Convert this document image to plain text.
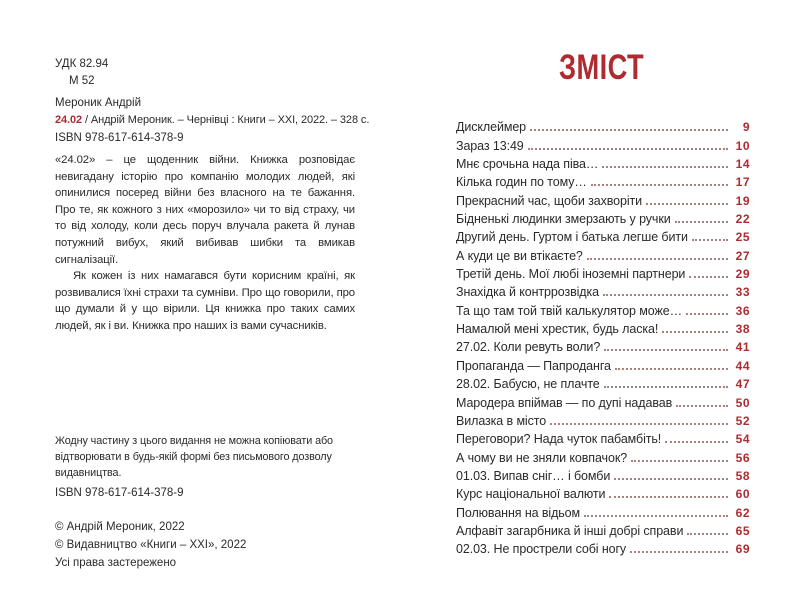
УДК 82.94
М 52
Мероник Андрій
24.02 / Андрій Мероник. – Чернівці : Книги – XXI, 2022. – 328 с.
ISBN 978-617-614-378-9

«24.02» – це щоденник війни. Книжка розповідає невигадану історію про компанію молодих людей, які опинилися посеред війни без власного на те бажання. Про те, як кожного з них «морозило» чи то від страху, чи то від холоду, коли десь поруч влучала ракета й лунав потужний вибух, який вибивав шибки та вмикав сигналізації.

Як кожен із них намагався бути корисним країні, як розвивалися їхні страхи та сумніви. Про що говорили, про що думали й у що вірили. Ця книжка про таких самих людей, як і ви. Книжка про наших із вами сучасників.

Жодну частину з цього видання не можна копіювати або відтворювати в будь-якій формі без письмового дозволу видавництва.
ISBN 978-617-614-378-9
© Андрій Мероник, 2022
© Видавництво «Книги – XXI», 2022
Усі права застережено
ЗМІСТ
Дисклеймер	9
Зараз 13:49	10
Мнє срочьна нада піва…	14
Кілька годин по тому…	17
Прекрасний час, щоби захворіти	19
Бідненькі людинки змерзають у ручки	22
Другий день. Гуртом і батька легше бити	25
А куди це ви втікаєте?	27
Третій день. Мої любі іноземні партнери	29
Знахідка й контррозвідка	33
Та що там той твій калькулятор може…	36
Намалюй мені хрестик, будь ласка!	38
27.02. Коли ревуть воли?	41
Пропаганда — Папроданга	44
28.02. Бабусю, не плачте	47
Мародера впіймав — по дупі надавав	50
Вилазка в місто	52
Переговори? Нада чуток пабамбіть!	54
А чому ви не зняли ковпачок?	56
01.03. Випав сніг… і бомби	58
Курс національної валюти	60
Полювання на відьом	62
Алфавіт загарбника й інші добрі справи	65
02.03. Не прострели собі ногу	69
